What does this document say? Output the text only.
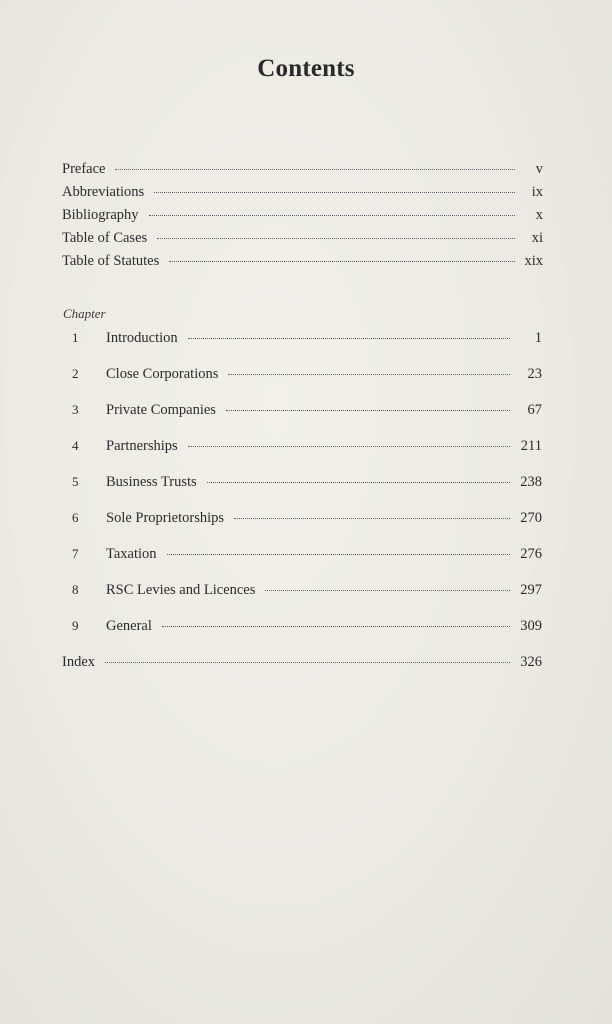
Contents
Preface	v
Abbreviations	ix
Bibliography	x
Table of Cases	xi
Table of Statutes	xix
Chapter
1	Introduction	1
2	Close Corporations	23
3	Private Companies	67
4	Partnerships	211
5	Business Trusts	238
6	Sole Proprietorships	270
7	Taxation	276
8	RSC Levies and Licences	297
9	General	309
Index	326
